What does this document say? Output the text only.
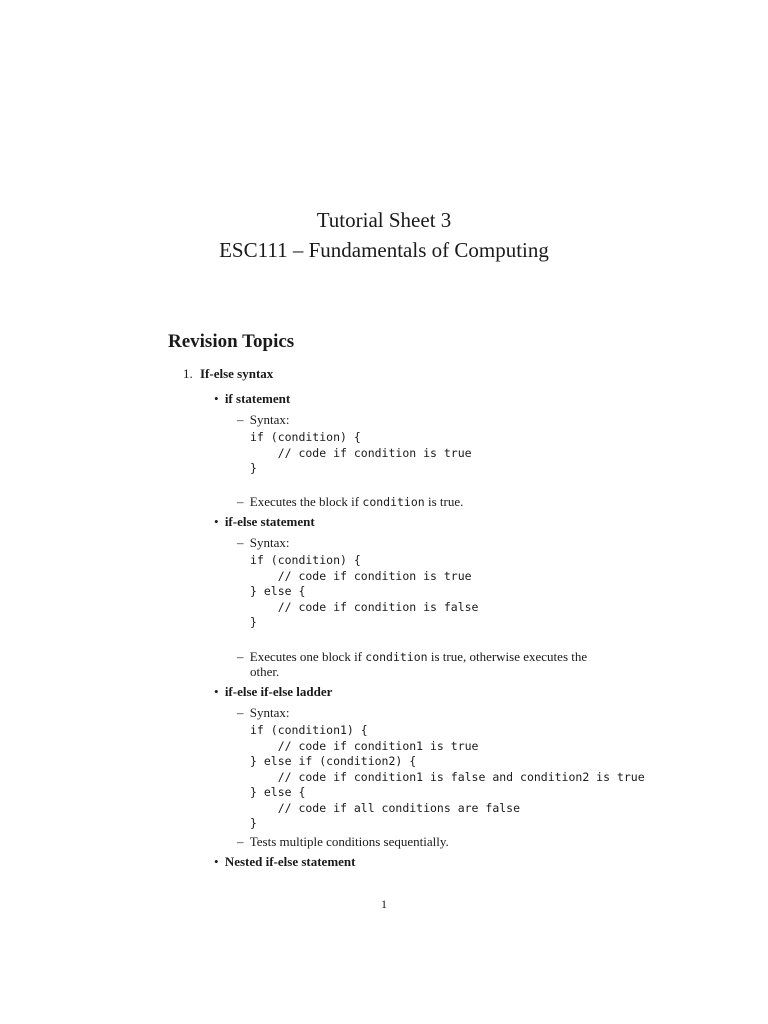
Tutorial Sheet 3
ESC111 – Fundamentals of Computing
Revision Topics
1. If-else syntax
• if statement
– Syntax:
if (condition) {
// code if condition is true
}
– Executes the block if condition is true.
• if-else statement
– Syntax:
if (condition) {
// code if condition is true
} else {
// code if condition is false
}
– Executes one block if condition is true, otherwise executes the
other.
• if-else if-else ladder
– Syntax:
if (condition1) {
// code if condition1 is true
} else if (condition2) {
// code if condition1 is false and condition2 is true
} else {
// code if all conditions are false
}
– Tests multiple conditions sequentially.
• Nested if-else statement
1
